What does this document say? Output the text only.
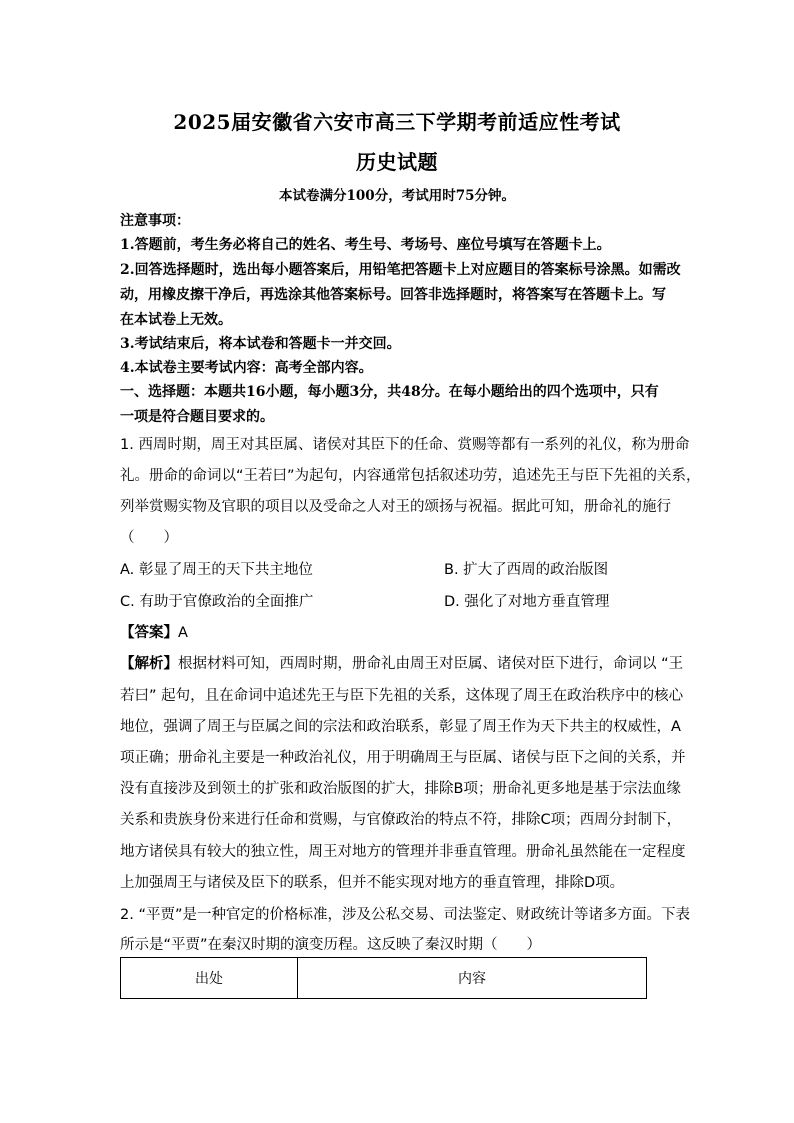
2025届安徽省六安市高三下学期考前适应性考试
历史试题
本试卷满分100分，考试用时75分钟。
注意事项：
1.答题前，考生务必将自己的姓名、考生号、考场号、座位号填写在答题卡上。
2.回答选择题时，选出每小题答案后，用铅笔把答题卡上对应题目的答案标号涂黑。如需改
动，用橡皮擦干净后，再选涂其他答案标号。回答非选择题时，将答案写在答题卡上。写
在本试卷上无效。
3.考试结束后，将本试卷和答题卡一并交回。
4.本试卷主要考试内容：高考全部内容。
一、选择题：本题共16小题，每小题3分，共48分。在每小题给出的四个选项中，只有
一项是符合题目要求的。
1. 西周时期，周王对其臣属、诸侯对其臣下的任命、赏赐等都有一系列的礼仪，称为册命
礼。册命的命词以“王若曰”为起句，内容通常包括叙述功劳，追述先王与臣下先祖的关系，
列举赏赐实物及官职的项目以及受命之人对王的颂扬与祝福。据此可知，册命礼的施行
（　　）
A. 彰显了周王的天下共主地位	B. 扩大了西周的政治版图
C. 有助于官僚政治的全面推广	D. 强化了对地方垂直管理
【答案】A
【解析】根据材料可知，西周时期，册命礼由周王对臣属、诸侯对臣下进行，命词以 “王
若曰” 起句，且在命词中追述先王与臣下先祖的关系，这体现了周王在政治秩序中的核心
地位，强调了周王与臣属之间的宗法和政治联系，彰显了周王作为天下共主的权威性，A
项正确；册命礼主要是一种政治礼仪，用于明确周王与臣属、诸侯与臣下之间的关系，并
没有直接涉及到领土的扩张和政治版图的扩大，排除B项；册命礼更多地是基于宗法血缘
关系和贵族身份来进行任命和赏赐，与官僚政治的特点不符，排除C项；西周分封制下，
地方诸侯具有较大的独立性，周王对地方的管理并非垂直管理。册命礼虽然能在一定程度
上加强周王与诸侯及臣下的联系，但并不能实现对地方的垂直管理，排除D项。
2. “平贾”是一种官定的价格标准，涉及公私交易、司法鉴定、财政统计等诸多方面。下表
所示是“平贾”在秦汉时期的演变历程。这反映了秦汉时期（　　）
出处	内容
